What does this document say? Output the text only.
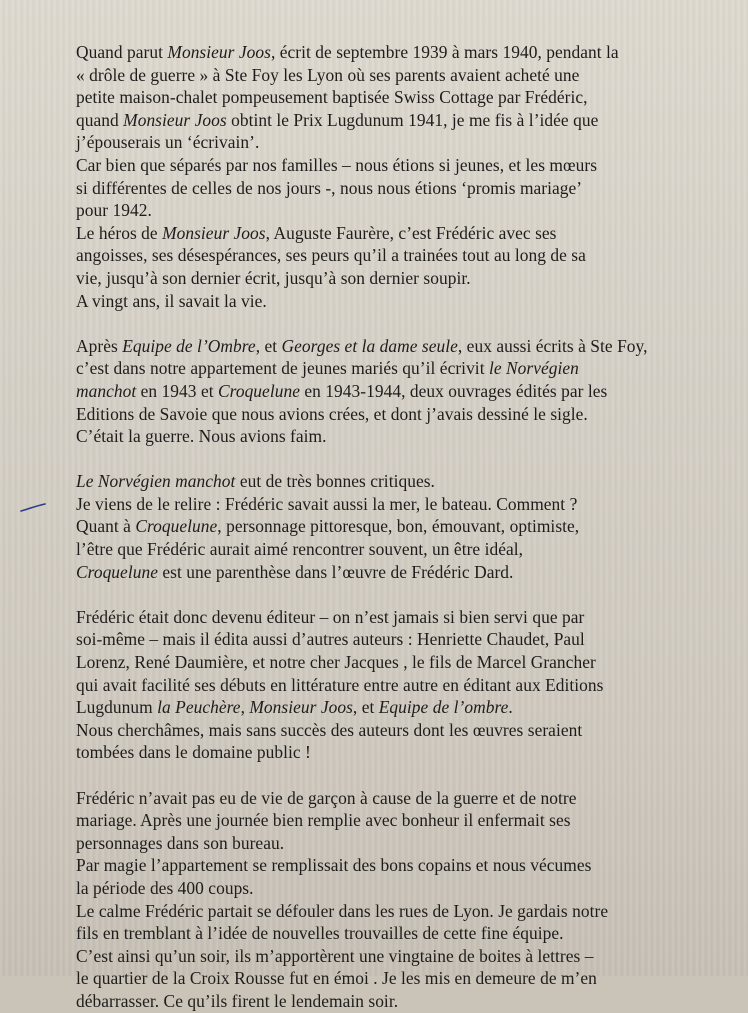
Quand parut Monsieur Joos, écrit de septembre 1939 à mars 1940, pendant la
« drôle de guerre » à Ste Foy les Lyon où ses parents avaient acheté une
petite maison-chalet pompeusement baptisée Swiss Cottage par Frédéric,
quand Monsieur Joos obtint le Prix Lugdunum 1941, je me fis à l’idée que
j’épouserais un ‘écrivain’.
Car bien que séparés par nos familles – nous étions si jeunes, et les mœurs
si différentes de celles de nos jours -, nous nous étions ‘promis mariage’
pour 1942.
Le héros de Monsieur Joos, Auguste Faurère, c’est Frédéric avec ses
angoisses, ses désespérances, ses peurs qu’il a trainées tout au long de sa
vie, jusqu’à son dernier écrit, jusqu’à son dernier soupir.
A vingt ans, il savait la vie.
Après Equipe de l’Ombre, et Georges et la dame seule, eux aussi écrits à Ste Foy,
c’est dans notre appartement de jeunes mariés qu’il écrivit le Norvégien
manchot en 1943 et Croquelune en 1943-1944, deux ouvrages édités par les
Editions de Savoie que nous avions crées, et dont j’avais dessiné le sigle.
C’était la guerre. Nous avions faim.
Le Norvégien manchot eut de très bonnes critiques.
Je viens de le relire : Frédéric savait aussi la mer, le bateau. Comment ?
Quant à Croquelune, personnage pittoresque, bon, émouvant, optimiste,
l’être que Frédéric aurait aimé rencontrer souvent, un être idéal,
Croquelune est une parenthèse dans l’œuvre de Frédéric Dard.
Frédéric était donc devenu éditeur – on n’est jamais si bien servi que par
soi-même – mais il édita aussi d’autres auteurs : Henriette Chaudet, Paul
Lorenz, René Daumière, et notre cher Jacques , le fils de Marcel Grancher
qui avait facilité ses débuts en littérature entre autre en éditant aux Editions
Lugdunum la Peuchère, Monsieur Joos, et Equipe de l’ombre.
Nous cherchâmes, mais sans succès des auteurs dont les œuvres seraient
tombées dans le domaine public !
Frédéric n’avait pas eu de vie de garçon à cause de la guerre et de notre
mariage. Après une journée bien remplie avec bonheur il enfermait ses
personnages dans son bureau.
Par magie l’appartement se remplissait des bons copains et nous vécumes
la période des 400 coups.
Le calme Frédéric partait se défouler dans les rues de Lyon. Je gardais notre
fils en tremblant à l’idée de nouvelles trouvailles de cette fine équipe.
C’est ainsi qu’un soir, ils m’apportèrent une vingtaine de boites à lettres –
le quartier de la Croix Rousse fut en émoi . Je les mis en demeure de m’en
débarrasser. Ce qu’ils firent le lendemain soir.
